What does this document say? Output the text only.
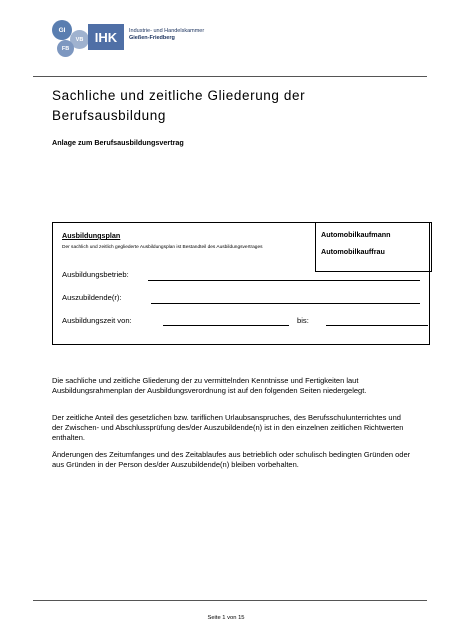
GI
VB
FB
IHK	Industrie- und Handelskammer
Gießen-Friedberg
Sachliche und zeitliche Gliederung der
Berufsausbildung
Anlage zum Berufsausbildungsvertrag
Ausbildungsplan
Der sachlich und zeitlich gegliederte Ausbildungsplan ist Bestandteil des Ausbildungsvertrages
Automobilkaufmann
Automobilkauffrau
Ausbildungsbetrieb:
Auszubildende(r):
Ausbildungszeit von:	bis:

Die sachliche und zeitliche Gliederung der zu vermittelnden Kenntnisse und Fertigkeiten laut Ausbildungsrahmenplan der Ausbildungsverordnung ist auf den folgenden Seiten niedergelegt.

Der zeitliche Anteil des gesetzlichen bzw. tariflichen Urlaubsanspruches, des Berufsschulunterrichtes und der Zwischen- und Abschlussprüfung des/der Auszubildende(n) ist in den einzelnen zeitlichen Richtwerten enthalten.

Änderungen des Zeitumfanges und des Zeitablaufes aus betrieblich oder schulisch bedingten Gründen oder aus Gründen in der Person des/der Auszubildende(n) bleiben vorbehalten.

Seite 1 von 15
